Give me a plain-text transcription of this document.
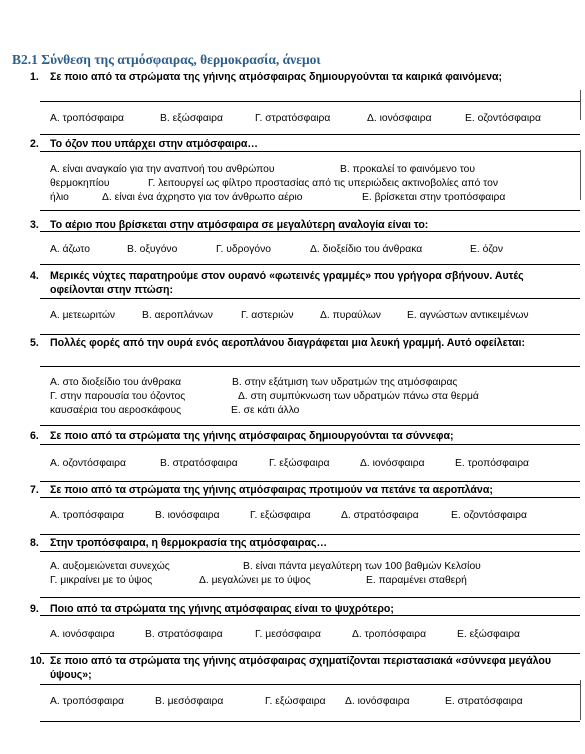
Β2.1 Σύνθεση της ατμόσφαιρας, θερμοκρασία, άνεμοι
1. Σε ποιο από τα στρώματα της γήινης ατμόσφαιρας δημιουργούνται τα καιρικά φαινόμενα;
Α. τροπόσφαιρα	Β. εξώσφαιρα	Γ. στρατόσφαιρα	Δ. ιονόσφαιρα	Ε. οζοντόσφαιρα
2. Το όζον που υπάρχει στην ατμόσφαιρα…
Α. είναι αναγκαίο για την αναπνοή του ανθρώπου	Β. προκαλεί το φαινόμενο του
θερμοκηπίου	Γ. λειτουργεί ως φίλτρο προστασίας από τις υπεριώδεις ακτινοβολίες από τον
ήλιο	Δ. είναι ένα άχρηστο για τον άνθρωπο αέριο	Ε. βρίσκεται στην τροπόσφαιρα
3. Το αέριο που βρίσκεται στην ατμόσφαιρα σε μεγαλύτερη αναλογία είναι το:
Α. άζωτο	Β. οξυγόνο	Γ. υδρογόνο	Δ. διοξείδιο του άνθρακα	Ε. όζον
4. Μερικές νύχτες παρατηρούμε στον ουρανό «φωτεινές γραμμές» που γρήγορα σβήνουν. Αυτές οφείλονται στην πτώση:
Α. μετεωριτών	Β. αεροπλάνων	Γ. αστεριών	Δ. πυραύλων	Ε. αγνώστων αντικειμένων
5. Πολλές φορές από την ουρά ενός αεροπλάνου διαγράφεται μια λευκή γραμμή. Αυτό οφείλεται:
Α. στο διοξείδιο του άνθρακα	Β. στην εξάτμιση των υδρατμών της ατμόσφαιρας
Γ. στην παρουσία του όζοντος	Δ. στη συμπύκνωση των υδρατμών πάνω στα θερμά
καυσαέρια του αεροσκάφους	Ε. σε κάτι άλλο
6. Σε ποιο από τα στρώματα της γήινης ατμόσφαιρας δημιουργούνται τα σύννεφα;
Α. οζοντόσφαιρα	Β. στρατόσφαιρα	Γ. εξώσφαιρα	Δ. ιονόσφαιρα	Ε. τροπόσφαιρα
7. Σε ποιο από τα στρώματα της γήινης ατμόσφαιρας προτιμούν να πετάνε τα αεροπλάνα;
Α. τροπόσφαιρα	Β. ιονόσφαιρα	Γ. εξώσφαιρα	Δ. στρατόσφαιρα	Ε. οζοντόσφαιρα
8. Στην τροπόσφαιρα, η θερμοκρασία της ατμόσφαιρας…
Α. αυξομειώνεται συνεχώς	Β. είναι πάντα μεγαλύτερη των 100 βαθμών Κελσίου
Γ. μικραίνει με το ύψος	Δ. μεγαλώνει με το ύψος	Ε. παραμένει σταθερή
9. Ποιο από τα στρώματα της γήινης ατμόσφαιρας είναι το ψυχρότερο;
Α. ιονόσφαιρα	Β. στρατόσφαιρα	Γ. μεσόσφαιρα	Δ. τροπόσφαιρα	Ε. εξώσφαιρα
10. Σε ποιο από τα στρώματα της γήινης ατμόσφαιρας σχηματίζονται περιστασιακά «σύννεφα μεγάλου ύψους»;
Α. τροπόσφαιρα	Β. μεσόσφαιρα	Γ. εξώσφαιρα Δ. ιονόσφαιρα	Ε. στρατόσφαιρα
